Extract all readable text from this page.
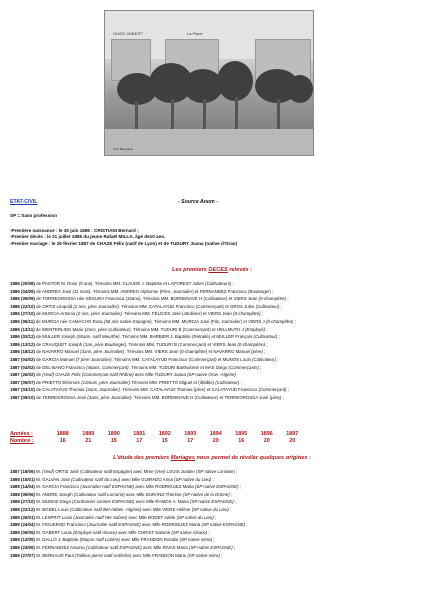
OUED-IMBERT	La Place
Coll. Boumaza
ETAT-CIVIL	- Source Anom -
SP = Sans profession
-Première naissance : le 30 juin 1886 : CRISTIANI Bernard ;
-Premier décès : le 21 juillet 1886 du jeune Rafaël MILLA, âgé de10 ans.
-Premier mariage : le 26 février 1887 de CHAZE Félix (natif de Lyon) et de TUDURY Juana (native d'Oran)
Les premiers DECES relevés :
1886 (20/08) de PASTOR M. Rose (9 ans). Témoins MM. CLAUDE J. Baptiste et LAFOREST Julien (Cultivateurs) ;
1886 (04/09) de ANDREO José (11 mois). Témoins MM. ANDREO Alphonse (Père, Journalier) et FERNANDEZ Francisco (Boulanger) ;
1886 (09/09) de TORREGROSSA née SEGURA Francisca (33ans). Témoins MM. BORDENAVE H (Cultivateur) et VIERS Jean (0-champêtre) ;
1886 (22/10) de ORTIZ Léopold (2 ans, père Journalier). Témoins MM. CATALAYUD Francisco (Commerçant) et GROS Jules (Cultivateur) ;
1886 (27/10) de MURCIA Antonio (2 ans, père Journalier). Témoins MM. FELICES José (Jardinier) et VIERS Jean (0-champêtre) ;
1886 (06/11) de MURCIA née CAMACHO Rosa (58 ans native Espagne). Témoins MM. MURCIA José (Fils, Journalier) et VIERS J (0-champêtre) ;
1886 (13/11) de WENTERLING Marie (2ans, père Cultivateur). Témoins MM. TUDURI B (Commerçant) et HELLMUTH J (Employé) ;
1886 (03/12) de MULLER Joseph (55ans, natif Meurthe). Témoins MM. BARBIER J. Baptiste (Retraité) et MULLER François (Cultivateur) ;
1886 (13/12) de CRAUQUET Joseph (1an, père Boulanger). Témoins MM. TUDURI B (Commerçant) et VIERS Jean (0-champêtre) ;
1886 (18/12) de NAVARRO Manuel (3ans, père Journalier). Témoins MM. VIERS Jean (0-champêtre) et NAVARRO Manuel (père) ;
1887 (04/02) de GARCIA Manuel (7 père Journalier). Témoins MM. CATALAYUD Francisco (Commerçant) et MUNOS Louis (Cultivateur) ;
1887 (04/02) de DEL-BANO Francisco (48ans, Commerçant). Témoins MM. TUDURI Bartholomé et MAS Diego (Commerçants) ;
1887 (26/02) de (Veuf) CHAZE Félix (Commerçant natif Rhône) avec Mlle TUDURY Juana (SP native Oran -Algérie)
1887 (05/07) de PRIETTO Eléonore (13mois, père Journalier).Témoins MM. PRIETTO Miguel et (illisible) (Cultivateur) ;
1887 (03/10) de CALATAYUD Thomas (3ans, Journalier). Témoins MM. CATALAYUD Thomas (père) et CALATAYUD Francisco (Commerçant) ;
1887 (09/10) de TERREGROSSA José (3ans, père Journalier). Témoins MM. BORDENAVE H (Cultivateur) et TERREGROSSA José (père) ;
Années :	1888	1889	1890	1891	1892	1893	1894	1895	1896	1897
Nombre :	16	21	15	17	15	17	20	16	20	20
L'étude des premiers Mariages nous permet de révéler quelques origines :
1887 (18/06) M. (Veuf) ORTIZ José (Cultivateur natif Espagne) avec Mme (Vve) LOUIS Justine (SP native Lorraine) ;
1888 (15/01) M. GALVAN José (Cultivateur natif du Lieu) avec Mlle GUIRADO Anna (SP native du Lieu) ;
1888 (14/04) M. GARCIA Francisco (Journalier natif ESPAGNE) avec Mlle RODRIGUEZ Maria (SP native ESPAGNE) ;
1888 (09/06) M. ANDRE Joseph (Cultivateur natif Lorraine) avec Mlle DURAND Thérèse (SP native de la Drôme) ;
1888 (27/10) M. MUNOZ Diego (Cordonnier racines ESPAGNE) avec Mlle RAMOS A. Maria (SP native ESPAGNE) ;
1888 (22/12) M. BODEL Louis (Cultivateur natif Bel-Abbès -Algérie) avec Mlle VIERS Hélène (SP native du Lieu) ;
1889 (26/01) M. LESPRIT Louis (Journalier natif Hte Saône) avec Mlle BODET Adèle (SP native du Lieu) ;
1889 (24/04) M. FIGUEROD Francisco (Journalier natif ESPAGNE) avec Mlle RODRIGUEZ Maria (SP native ESPAGNE) ;
1889 (09/05) M. GABERT Louis (Employé natif Alsace) avec Mlle CHRIST Salomé (SP native Alsace) ;
1889 (13/05) M. DALLO J. Baptiste (Maçon natif Lozère) avec Mlle FRANDON Rosalie (SP native Isère) ;
1889 (23/05) M. FERNANDEZ Antonio (Cultivateur natif ESPAGNE) avec Mlle RIVAS Maria (SP native ESPAGNE) ;
1889 (27/07) M. BERNAUD Paul (Tailleur pierre natif Ardèche) avec Mlle FRANDON Marie (SP native Isère) ;
